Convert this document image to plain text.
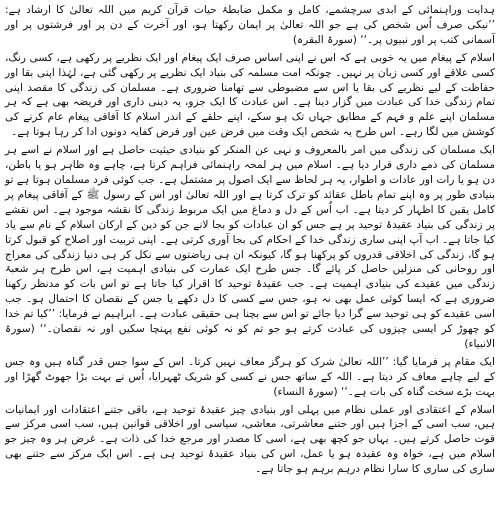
ہدایت وراہنمائی کے ابدی سرچشمے، کامل و مکمل ضابطۂ حیات قرآن کریم میں اللہ تعالیٰ کا ارشاد ہے: ’’نیکی صرف اُس شخص کی ہے جو اللہ تعالیٰ پر ایمان رکھتا ہو، اور آخرت کے دن پر اور فرشتوں پر اور آسمانی کتب پر اور نبیوں پر۔‘‘ (سورۃ البقرہ)

اسلام کے پیغام میں یہ خوبی ہے کہ اس نے اپنی اساس صرف ایک پیغام اور ایک نظریے پر رکھی ہے، کسی رنگ، کسی علاقے اور کسی زبان پر نہیں۔ چونکہ امت مسلمہ کی بنیاد ایک نظریے پر رکھی گئی ہے، لہٰذا اپنی بقا اور حفاظت کے لیے نظریے کی بقا یا اس سے مضبوطی سے تھامنا ضروری ہے۔ مسلمان کی زندگی کا مقصد اپنی تمام زندگی خدا کی عبادت میں گزار دینا ہے۔ اس عبادت کا ایک جزو، یہ دینی داری اور فریضہ بھی ہے کہ ہر مسلمان اپنے علم و فہم کے مطابق جہاں تک ہو سکے، اپنے حلقے کے اندر اسلام کا آفاقی پیغام عام کرنے کی کوشش میں لگا رہے۔ اس طرح یہ شخص ایک وقت میں فرض عین اور فرض کفایہ دونوں ادا کر رہا ہوتا ہے۔

ایک مسلمان کی زندگی میں امر بالمعروف و نہی عن المنکر کو بنیادی حیثیت حاصل ہے اور اسلام نے اسے ہر مسلمان کی ذمے داری قرار دیا ہے۔ اسلام میں ہر لمحہ راہنمائی فراہم کرتا ہے، چاہے وہ ظاہر ہو یا باطن، دن ہو یا رات اور عادات و اطوار، یہ ہر لحاظ سے ایک اصول پر مشتمل ہے۔ جب کوئی فرد مسلمان ہوتا ہے تو بنیادی طور پر وہ اپنے تمام باطل عقائد کو ترک کرتا ہے اور اللہ تعالیٰ اور اس کے رسول ﷺ کے آفاقی پیغام پر کامل یقین کا اظہار کر دیتا ہے۔ اب اُس کے دل و دماغ میں ایک مربوط زندگی کا نقشہ موجود ہے۔ اس نقشے پر زندگی کی بنیاد عقیدۂ توحید پر ہے جس کو ان عبادات کو بجا لانے جن کو دین کے ارکان اسلام کے نام سے یاد کیا جاتا ہے۔ اب آپ اپنی ساری زندگی خدا کے احکام کی بجا آوری کرتی ہے۔ اپنی تربیت اور اصلاح کو قبول کرتا ہو گا، زندگی کی اخلاقی قدروں کو پرکھنا ہو گا، کیونکہ ان ہی ریاضتوں سے نکل کر ہی دنیا زندگی کی معراج اور روحانی کی منزلیں حاصل کر پائے گا۔ جس طرح ایک عمارت کی بنیادی اہمیت ہے، اس طرح ہر شعبۂ زندگی میں عقیدے کی بنیادی اہمیت ہے۔ جب عقیدۂ توحید کا اقرار کیا جاتا ہے تو اس بات کو مدنظر رکھنا ضروری ہے کہ ایسا کوئی عمل بھی نہ ہو، جس سے کسی کا دل دکھے یا جس کے نقصان کا احتمال ہو۔ جب اسی عقیدے کو ہی توحید سے گرا دیا جائے تو اس سے بچنا ہی حقیقی عبادت ہے۔ ابراہیم نے فرمایا: ’’کیا تم خدا کو چھوڑ کر ایسی چیزوں کی عبادت کرتے ہو جو تم کو نہ کوئی نفع پہنچا سکیں اور نہ نقصان۔‘‘ (سورۃ الانبیاء)

ایک مقام پر فرمایا گیا: ’’اللہ تعالیٰ شرک کو ہرگز معاف نہیں کرتا۔ اس کے سوا جس قدر گناہ ہیں وہ جس کے لیے چاہے معاف کر دیتا ہے۔ اللہ کے ساتھ جس نے کسی کو شریک ٹھہرایا، اُس نے بہت بڑا جھوٹ گھڑا اور بہت بڑے سخت گناہ کی بات ہے۔‘‘ (سورۃ النساء)

اسلام کے اعتقادی اور عملی نظام میں پہلی اور بنیادی چیز عقیدۂ توحید ہے، باقی جتنے اعتقادات اور ایمانیات ہیں، سب اسی کے اجزا ہیں اور جتنے معاشرتی، معاشی، سیاسی اور اخلاقی قوانین ہیں، سب اسی مرکز سے قوت حاصل کرتے ہیں۔ یہاں جو کچھ بھی ہے، اسی کا مصدر اور مرجع خدا کی ذات ہے۔ غرض ہر وہ چیز جو اسلام میں ہے، خواہ وہ عقیدہ ہو یا عمل، اس کی بنیاد عقیدۂ توحید ہی ہے۔ اس ایک مرکز سے جتنے بھی ساری کی ساری کا سارا نظام درہم برہم ہو جاتا ہے۔
